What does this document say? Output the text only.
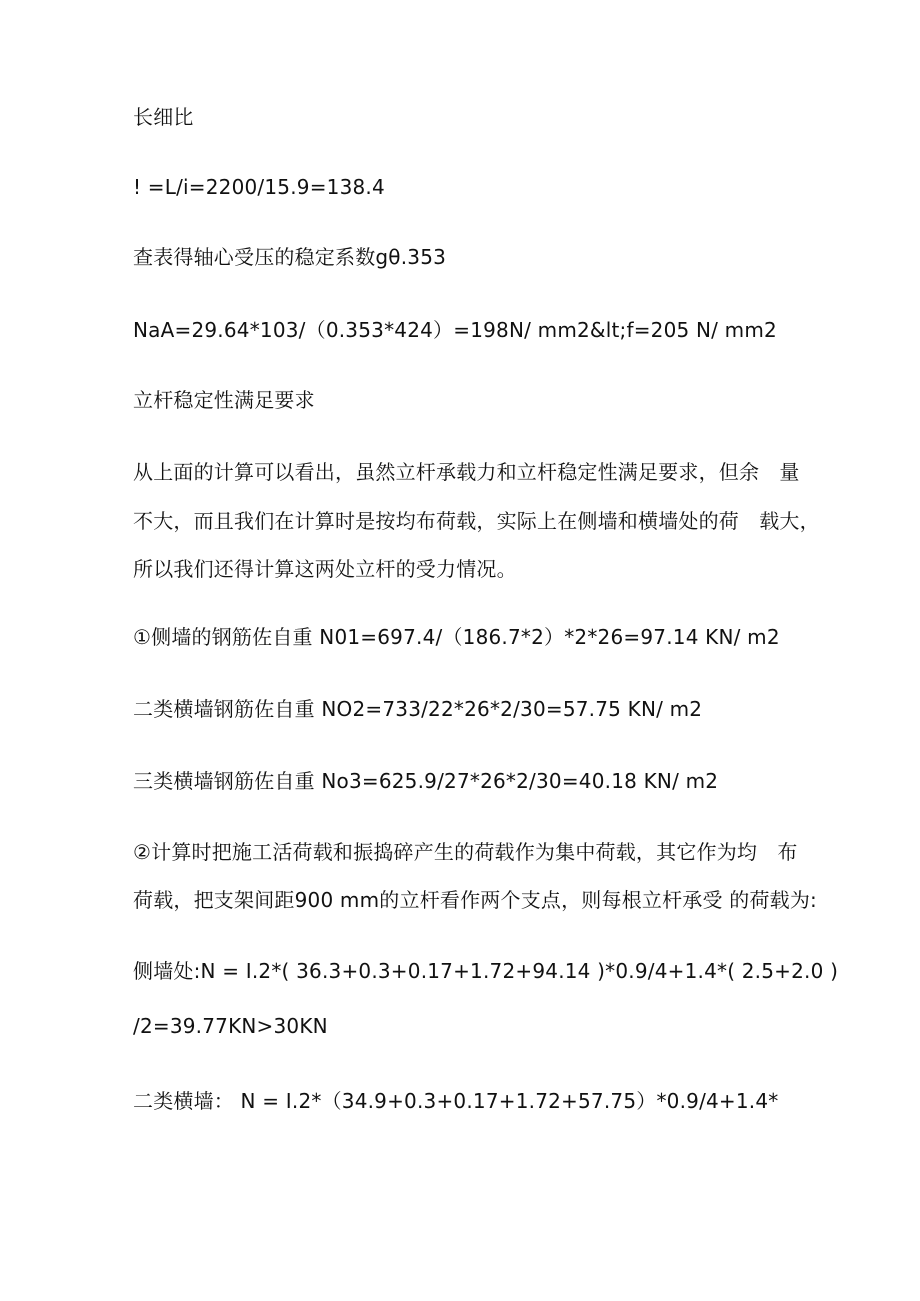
长细比
! =L/i=2200/15.9=138.4
查表得轴心受压的稳定系数gθ.353
NaA=29.64*103/（0.353*424）=198N/ mm2&lt;f=205 N/ mm2
立杆稳定性满足要求
从上面的计算可以看出，虽然立杆承载力和立杆稳定性满足要求，但余　量
不大，而且我们在计算时是按均布荷载，实际上在侧墙和横墙处的荷　载大，
所以我们还得计算这两处立杆的受力情况。
①侧墙的钢筋佐自重 N01=697.4/（186.7*2）*2*26=97.14 KN/ m2
二类横墙钢筋佐自重 NO2=733/22*26*2/30=57.75 KN/ m2
三类横墙钢筋佐自重 No3=625.9/27*26*2/30=40.18 KN/ m2
②计算时把施工活荷载和振捣碎产生的荷载作为集中荷载，其它作为均　布
荷载，把支架间距900 mm的立杆看作两个支点，则每根立杆承受 的荷载为:
侧墙处:N = I.2*( 36.3+0.3+0.17+1.72+94.14 )*0.9/4+1.4*( 2.5+2.0 )
/2=39.77KN>30KN
二类横墙： N = I.2*（34.9+0.3+0.17+1.72+57.75）*0.9/4+1.4*
